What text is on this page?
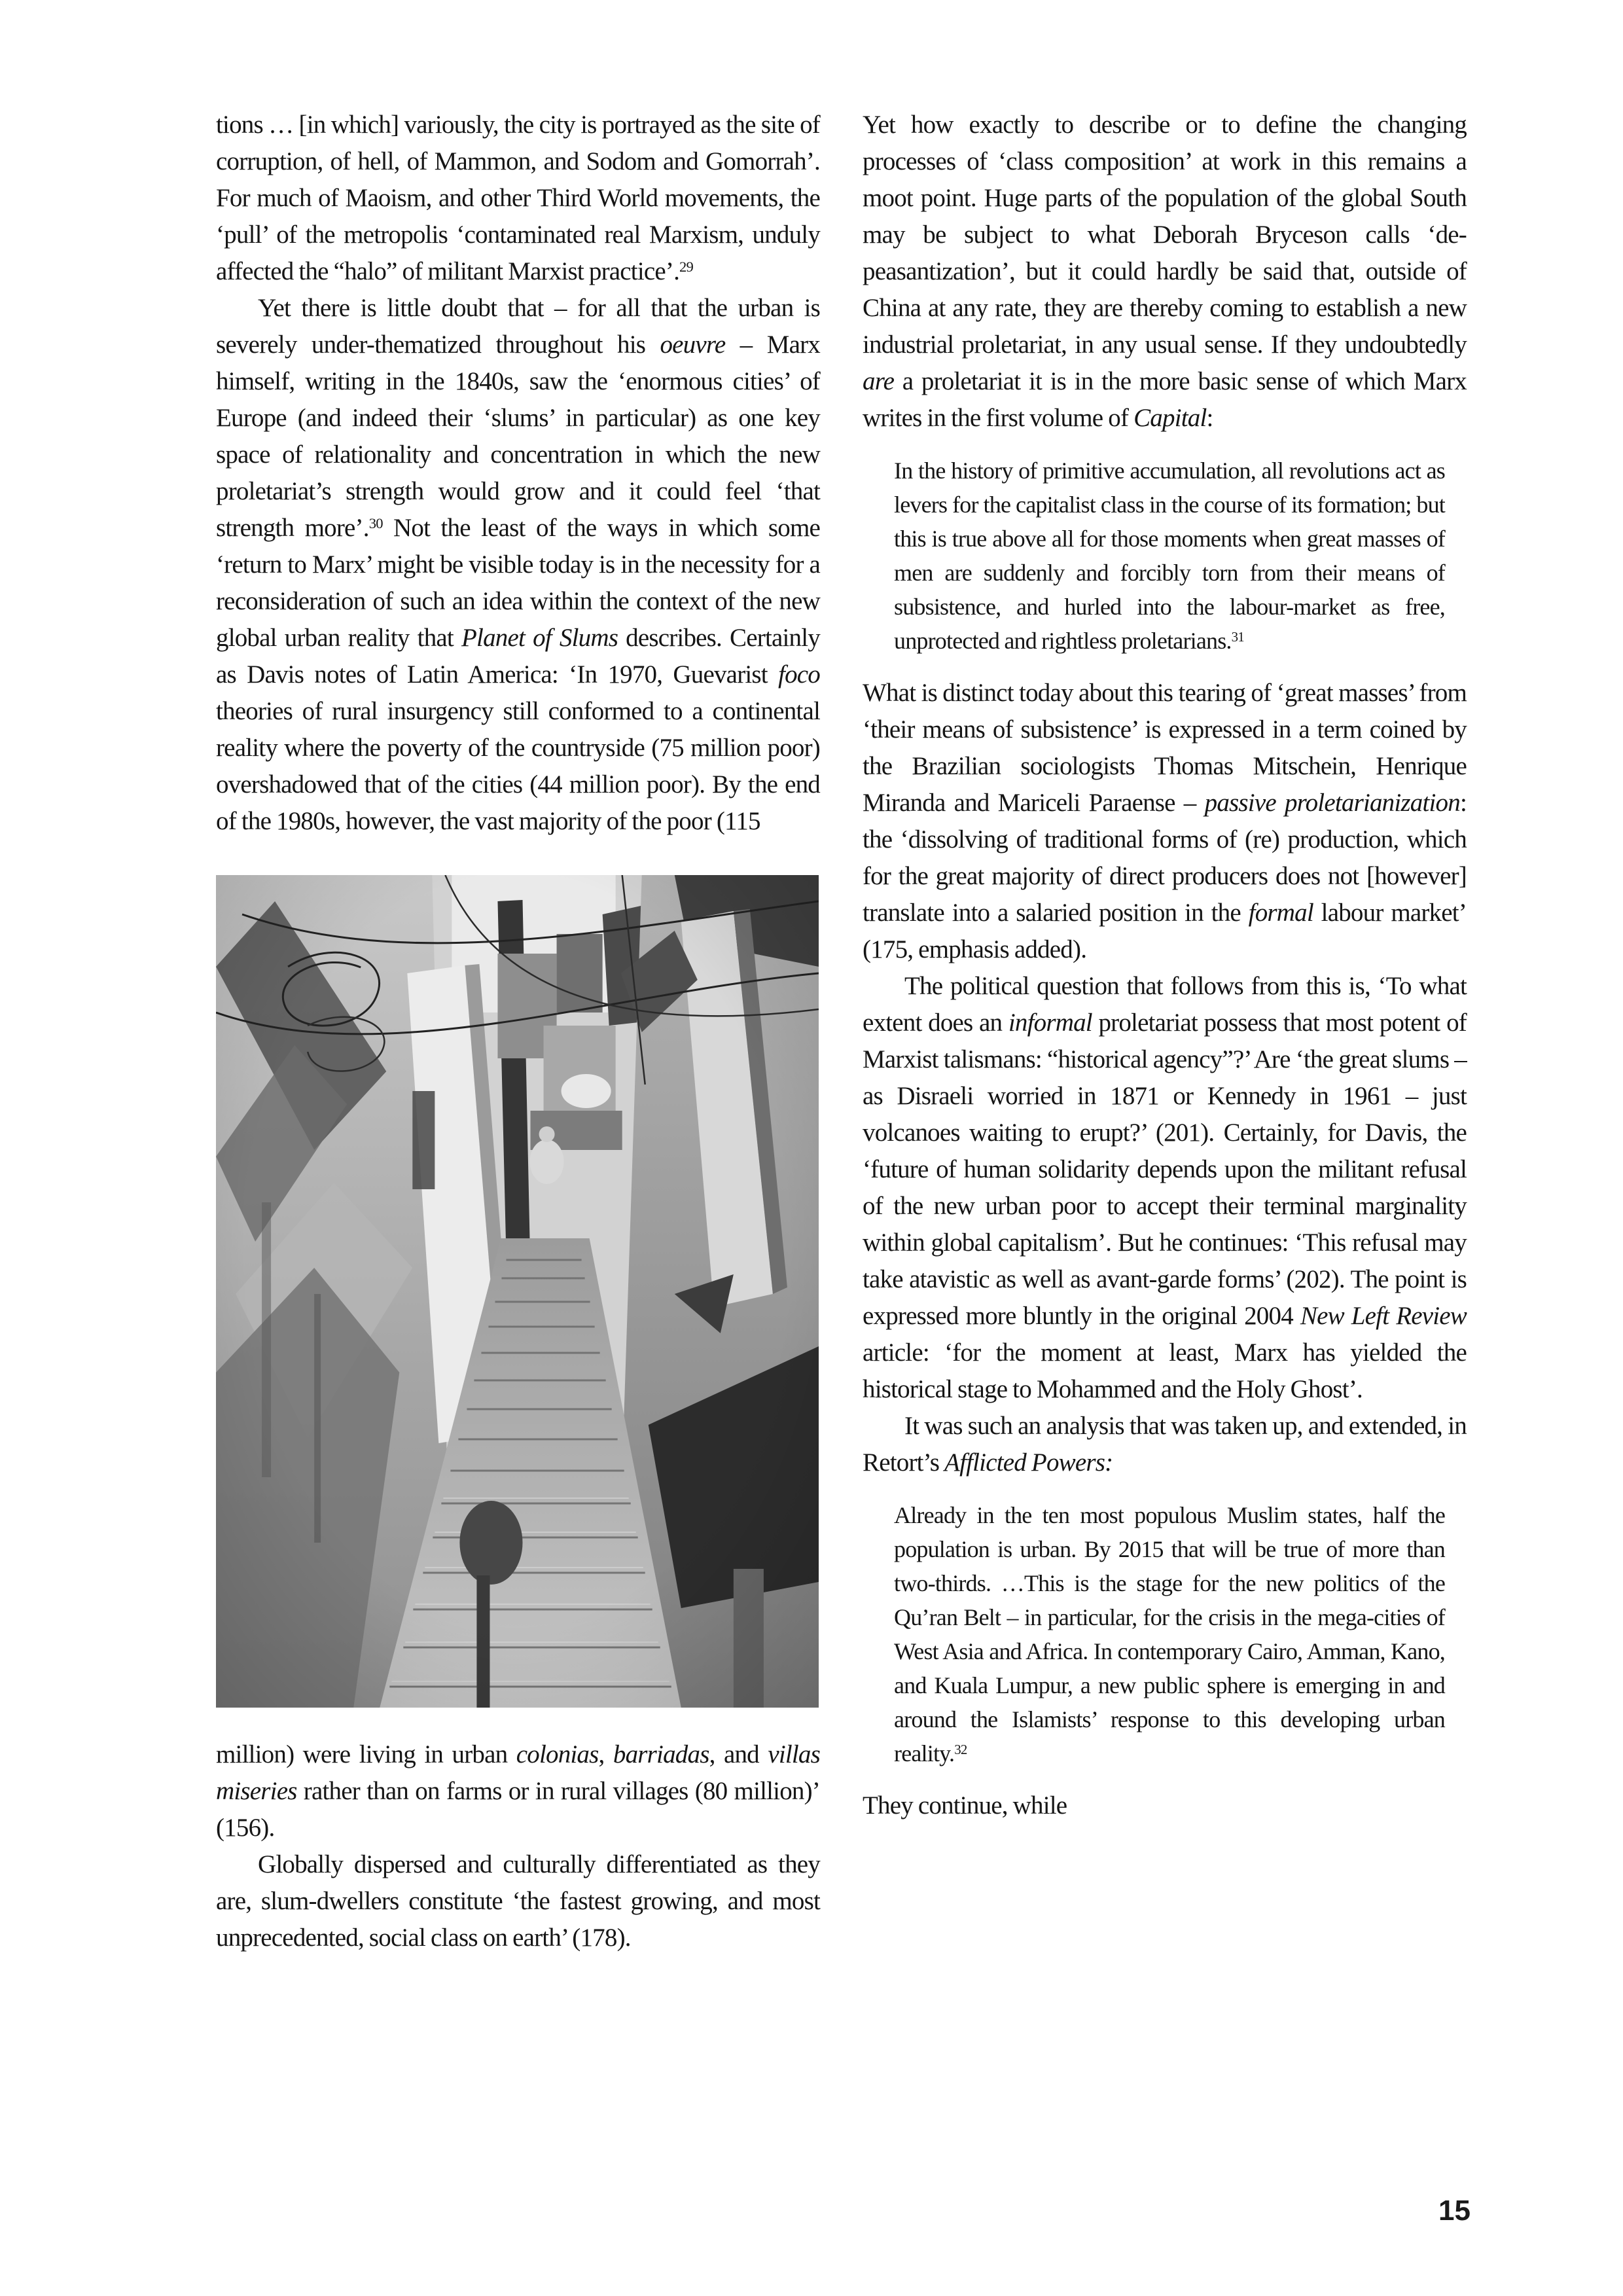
tions … [in which] variously, the city is portrayed as the site of corruption, of hell, of Mammon, and Sodom and Gomorrah’. For much of Maoism, and other Third World movements, the ‘pull’ of the metropolis ‘contaminated real Marxism, unduly affected the “halo” of militant Marxist practice’.$^{29}$

Yet there is little doubt that – for all that the urban is severely under-thematized throughout his oeuvre – Marx himself, writing in the 1840s, saw the ‘enormous cities’ of Europe (and indeed their ‘slums’ in particular) as one key space of relationality and concentration in which the new proletariat’s strength would grow and it could feel ‘that strength more’.$^{30}$ Not the least of the ways in which some ‘return to Marx’ might be visible today is in the necessity for a reconsideration of such an idea within the context of the new global urban reality that Planet of Slums describes. Certainly as Davis notes of Latin America: ‘In 1970, Guevarist foco theories of rural insurgency still conformed to a continental reality where the poverty of the countryside (75 million poor) overshadowed that of the cities (44 million poor). By the end of the 1980s, however, the vast majority of the poor (115

million) were living in urban colonias, barriadas, and villas miseries rather than on farms or in rural villages (80 million)’ (156).

Globally dispersed and culturally differentiated as they are, slum-dwellers constitute ‘the fastest growing, and most unprecedented, social class on earth’ (178).

Yet how exactly to describe or to define the changing processes of ‘class composition’ at work in this remains a moot point. Huge parts of the population of the global South may be subject to what Deborah Bryceson calls ‘de-peasantization’, but it could hardly be said that, outside of China at any rate, they are thereby coming to establish a new industrial proletariat, in any usual sense. If they undoubtedly are a proletariat it is in the more basic sense of which Marx writes in the first volume of Capital:

In the history of primitive accumulation, all revolutions act as levers for the capitalist class in the course of its formation; but this is true above all for those moments when great masses of men are suddenly and forcibly torn from their means of subsistence, and hurled into the labour-market as free, unprotected and rightless proletarians.$^{31}$

What is distinct today about this tearing of ‘great masses’ from ‘their means of subsistence’ is expressed in a term coined by the Brazilian sociologists Thomas Mitschein, Henrique Miranda and Mariceli Paraense – passive proletarianization: the ‘dissolving of traditional forms of (re) production, which for the great majority of direct producers does not [however] translate into a salaried position in the formal labour market’ (175, emphasis added).

The political question that follows from this is, ‘To what extent does an informal proletariat possess that most potent of Marxist talismans: “historical agency”?’ Are ‘the great slums – as Disraeli worried in 1871 or Kennedy in 1961 – just volcanoes waiting to erupt?’ (201). Certainly, for Davis, the ‘future of human solidarity depends upon the militant refusal of the new urban poor to accept their terminal marginality within global capitalism’. But he continues: ‘This refusal may take atavistic as well as avant-garde forms’ (202). The point is expressed more bluntly in the original 2004 New Left Review article: ‘for the moment at least, Marx has yielded the historical stage to Mohammed and the Holy Ghost’.

It was such an analysis that was taken up, and extended, in Retort’s Afflicted Powers:

Already in the ten most populous Muslim states, half the population is urban. By 2015 that will be true of more than two-thirds. …This is the stage for the new politics of the Qu’ran Belt – in particular, for the crisis in the mega-cities of West Asia and Africa. In contemporary Cairo, Amman, Kano, and Kuala Lumpur, a new public sphere is emerging in and around the Islamists’ response to this developing urban reality.$^{32}$

They continue, while

15
